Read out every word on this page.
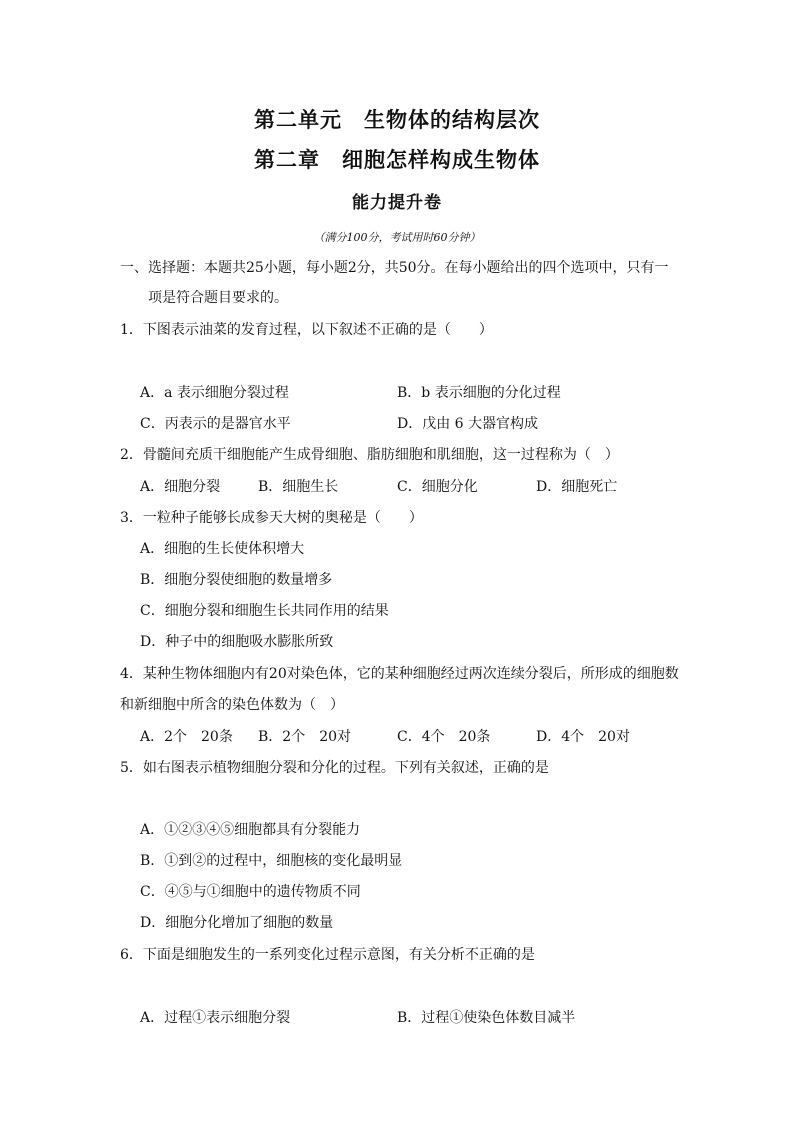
第二单元　生物体的结构层次
第二章　细胞怎样构成生物体
能力提升卷
（满分100分，考试用时60分钟）
一、选择题：本题共25小题，每小题2分，共50分。在每小题给出的四个选项中，只有一
项是符合题目要求的。
1．下图表示油菜的发育过程，以下叙述不正确的是（　　）
A．a 表示细胞分裂过程	B．b 表示细胞的分化过程
C．丙表示的是器官水平	D．戊由 6 大器官构成
2．骨髓间充质干细胞能产生成骨细胞、脂肪细胞和肌细胞，这一过程称为（　）
A．细胞分裂	B．细胞生长	C．细胞分化	D．细胞死亡
3．一粒种子能够长成参天大树的奥秘是（　　）
A．细胞的生长使体积增大
B．细胞分裂使细胞的数量增多
C．细胞分裂和细胞生长共同作用的结果
D．种子中的细胞吸水膨胀所致
4．某种生物体细胞内有20对染色体，它的某种细胞经过两次连续分裂后，所形成的细胞数
和新细胞中所含的染色体数为（　）
A．2个　20条 B．2个　20对	C．4个　20条	D．4个　20对
5．如右图表示植物细胞分裂和分化的过程。下列有关叙述，正确的是
A．①②③④⑤细胞都具有分裂能力
B．①到②的过程中，细胞核的变化最明显
C．④⑤与①细胞中的遗传物质不同
D．细胞分化增加了细胞的数量
6．下面是细胞发生的一系列变化过程示意图，有关分析不正确的是
A．过程①表示细胞分裂	B．过程①使染色体数目减半
